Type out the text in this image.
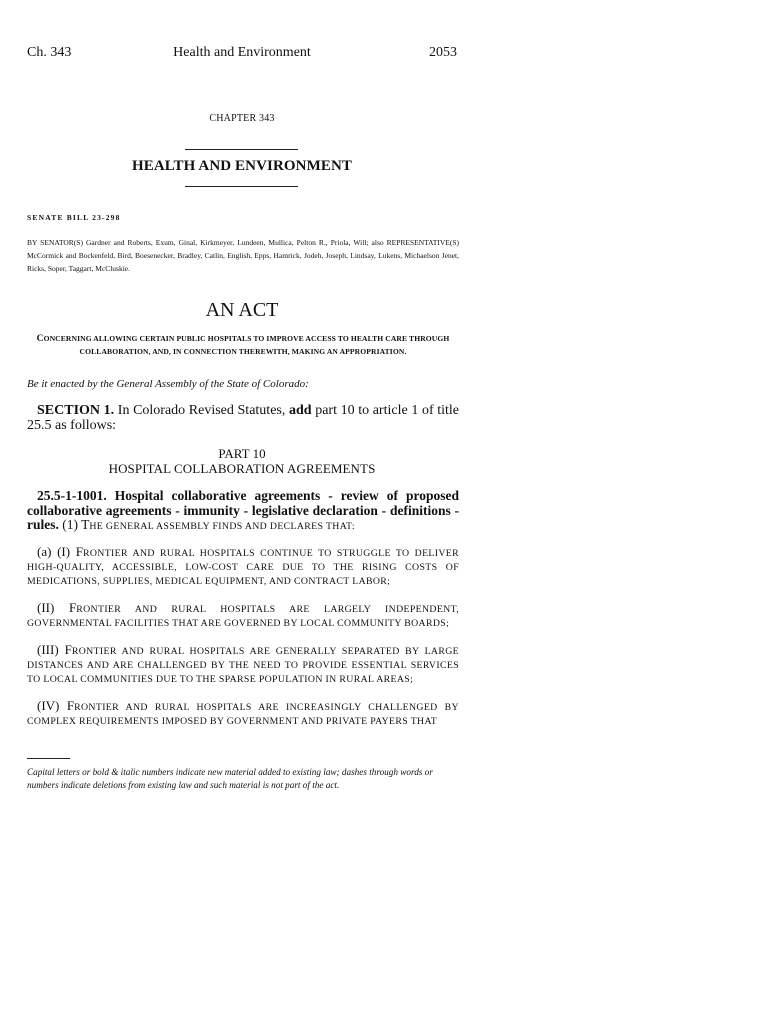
Ch. 343	Health and Environment	2053
CHAPTER 343
HEALTH AND ENVIRONMENT
SENATE BILL 23-298
BY SENATOR(S) Gardner and Roberts, Exum, Ginal, Kirkmeyer, Lundeen, Mullica, Pelton R., Priola, Will; also REPRESENTATIVE(S) McCormick and Bockenfeld, Bird, Boesenecker, Bradley, Catlin, English, Epps, Hamrick, Jodeh, Joseph, Lindsay, Lukens, Michaelson Jenet, Ricks, Soper, Taggart, McCluskie.
AN ACT
CONCERNING ALLOWING CERTAIN PUBLIC HOSPITALS TO IMPROVE ACCESS TO HEALTH CARE THROUGH COLLABORATION, AND, IN CONNECTION THEREWITH, MAKING AN APPROPRIATION.
Be it enacted by the General Assembly of the State of Colorado:
SECTION 1. In Colorado Revised Statutes, add part 10 to article 1 of title 25.5 as follows:
PART 10
HOSPITAL COLLABORATION AGREEMENTS
25.5-1-1001. Hospital collaborative agreements - review of proposed collaborative agreements - immunity - legislative declaration - definitions - rules. (1) THE GENERAL ASSEMBLY FINDS AND DECLARES THAT:
(a) (I) FRONTIER AND RURAL HOSPITALS CONTINUE TO STRUGGLE TO DELIVER HIGH-QUALITY, ACCESSIBLE, LOW-COST CARE DUE TO THE RISING COSTS OF MEDICATIONS, SUPPLIES, MEDICAL EQUIPMENT, AND CONTRACT LABOR;
(II) FRONTIER AND RURAL HOSPITALS ARE LARGELY INDEPENDENT, GOVERNMENTAL FACILITIES THAT ARE GOVERNED BY LOCAL COMMUNITY BOARDS;
(III) FRONTIER AND RURAL HOSPITALS ARE GENERALLY SEPARATED BY LARGE DISTANCES AND ARE CHALLENGED BY THE NEED TO PROVIDE ESSENTIAL SERVICES TO LOCAL COMMUNITIES DUE TO THE SPARSE POPULATION IN RURAL AREAS;
(IV) FRONTIER AND RURAL HOSPITALS ARE INCREASINGLY CHALLENGED BY COMPLEX REQUIREMENTS IMPOSED BY GOVERNMENT AND PRIVATE PAYERS THAT
Capital letters or bold & italic numbers indicate new material added to existing law; dashes through words or numbers indicate deletions from existing law and such material is not part of the act.
